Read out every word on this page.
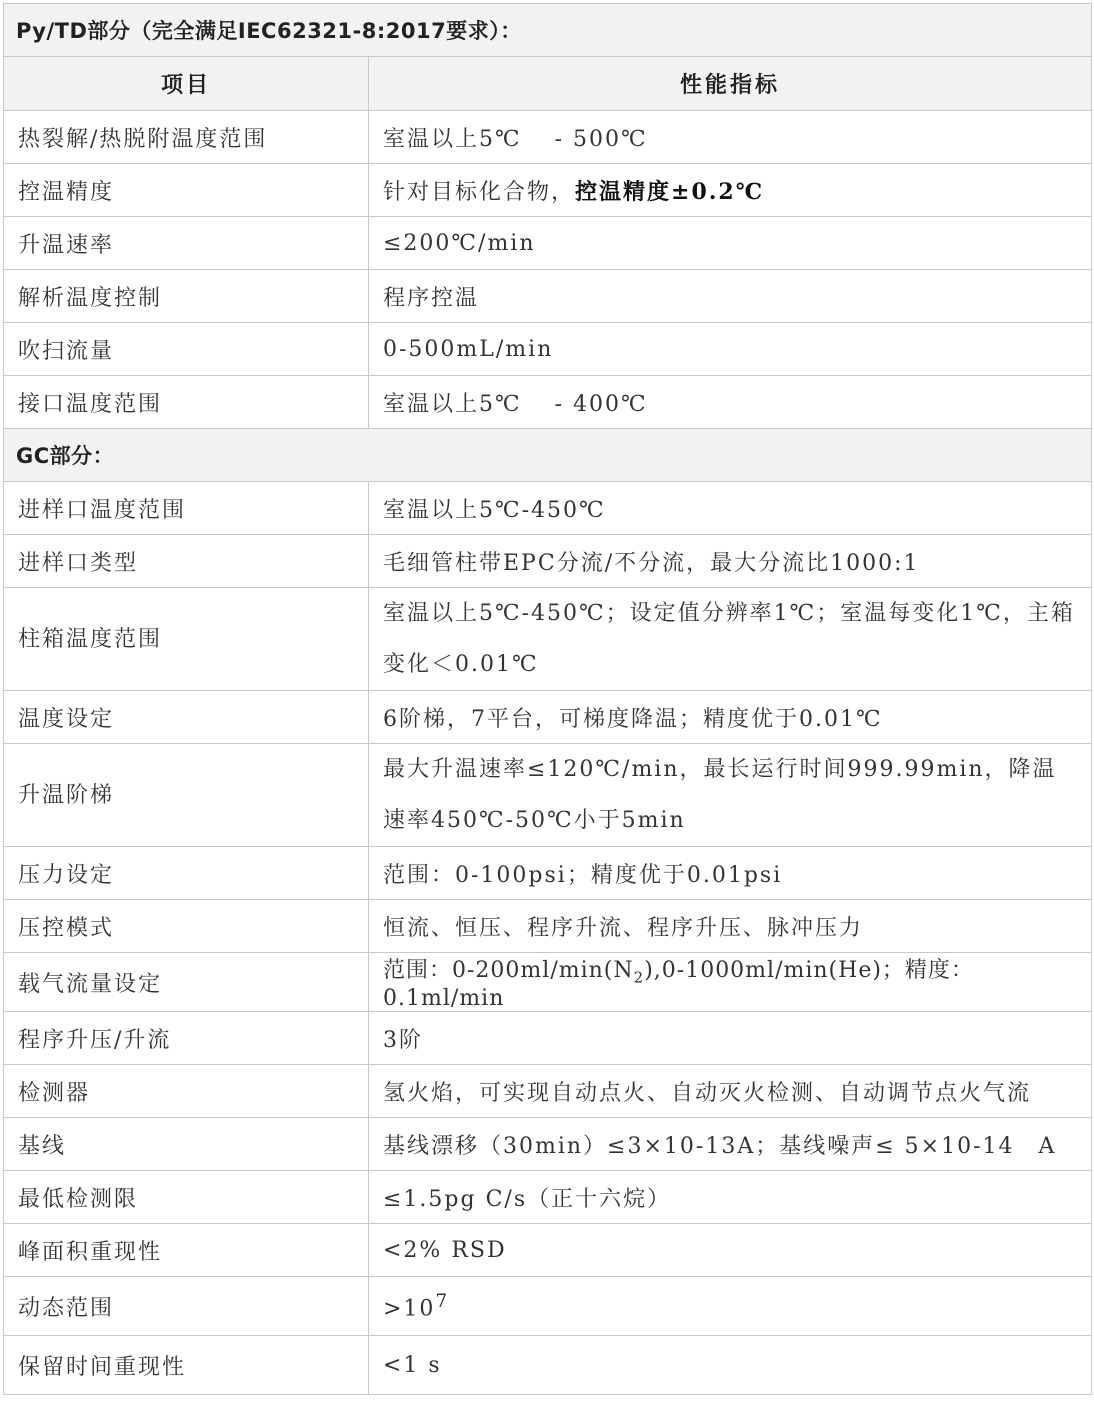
Py/TD部分（完全满足IEC62321-8:2017要求）：	
项目	性能指标
热裂解/热脱附温度范围	室温以上5℃　 - 500℃
控温精度	针对目标化合物，控温精度±0.2℃
升温速率	≤200℃/min
解析温度控制	程序控温
吹扫流量	0-500mL/min
接口温度范围	室温以上5℃　 - 400℃
GC部分：	
进样口温度范围	室温以上5℃-450℃
进样口类型	毛细管柱带EPC分流/不分流，最大分流比1000:1
柱箱温度范围	室温以上5℃-450℃；设定值分辨率1℃；室温每变化1℃，主箱变化＜0.01℃
温度设定	6阶梯，7平台，可梯度降温；精度优于0.01℃
升温阶梯	最大升温速率≤120℃/min，最长运行时间999.99min，降温速率450℃-50℃小于5min
压力设定	范围：0-100psi；精度优于0.01psi
压控模式	恒流、恒压、程序升流、程序升压、脉冲压力
载气流量设定	范围：$0-200ml/\min(N_2),0-1000ml/\min(He)$；精度：0.1ml/min
程序升压/升流	3阶
检测器	氢火焰，可实现自动点火、自动灭火检测、自动调节点火气流
基线	基线漂移（30min）≤3×10-13A；基线噪声≤ 5×10-14　A
最低检测限	≤1.5pg C/s（正十六烷）
峰面积重现性	<2% RSD
动态范围	$>10^7$
保留时间重现性	<1 s
